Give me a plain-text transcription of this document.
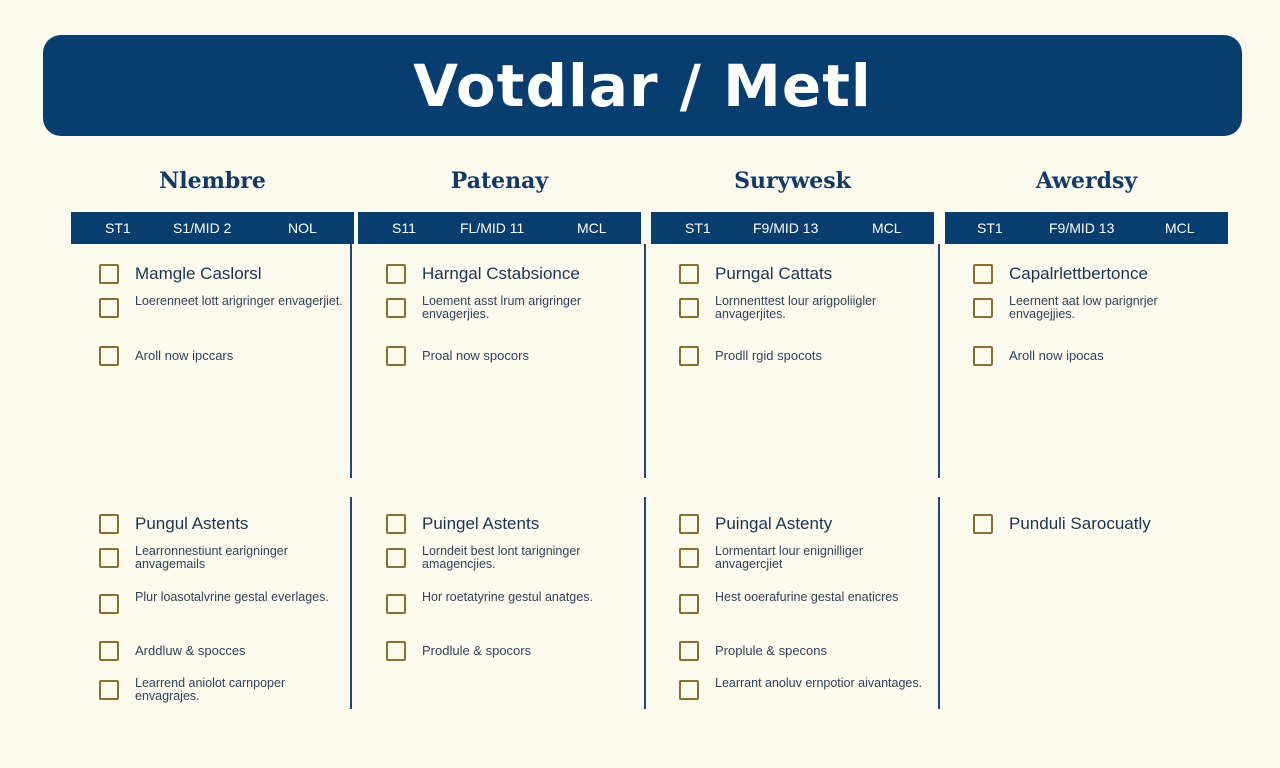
Votdlar / Metl
Nlembre
ST1	S1/MID 2	NOL
Mamgle Caslorsl
Loerenneet lott arigringer envagerjiet.
Aroll now ipccars
Pungul Astents
Learronnestiunt earigninger anvagemails
Plur loasotalvrine gestal everlages.
Arddluw & spocces
Learrend aniolot carnpoper envagrajes.
Patenay
S11	FL/MID 11	MCL
Harngal Cstabsionce
Loement asst lrum arigringer envagerjies.
Proal now spocors
Puingel Astents
Lorndeit best lont tarigninger amagencjies.
Hor roetatyrine gestul anatges.
Prodlule & spocors
Surywesk
ST1	F9/MID 13	MCL
Purngal Cattats
Lornnenttest lour arigpoliigler anvagerjites.
Prodll rgid spocots
Puingal Astenty
Lormentart lour enignilliger anvagercjiet
Hest ooerafurine gestal enaticres
Proplule & specons
Learrant anoluv ernpotior aivantages.
Awerdsy
ST1	F9/MID 13	MCL
Capalrlettbertonce
Leernent aat low parignrjer envagejjies.
Aroll now ipocas
Punduli Sarocuatly
